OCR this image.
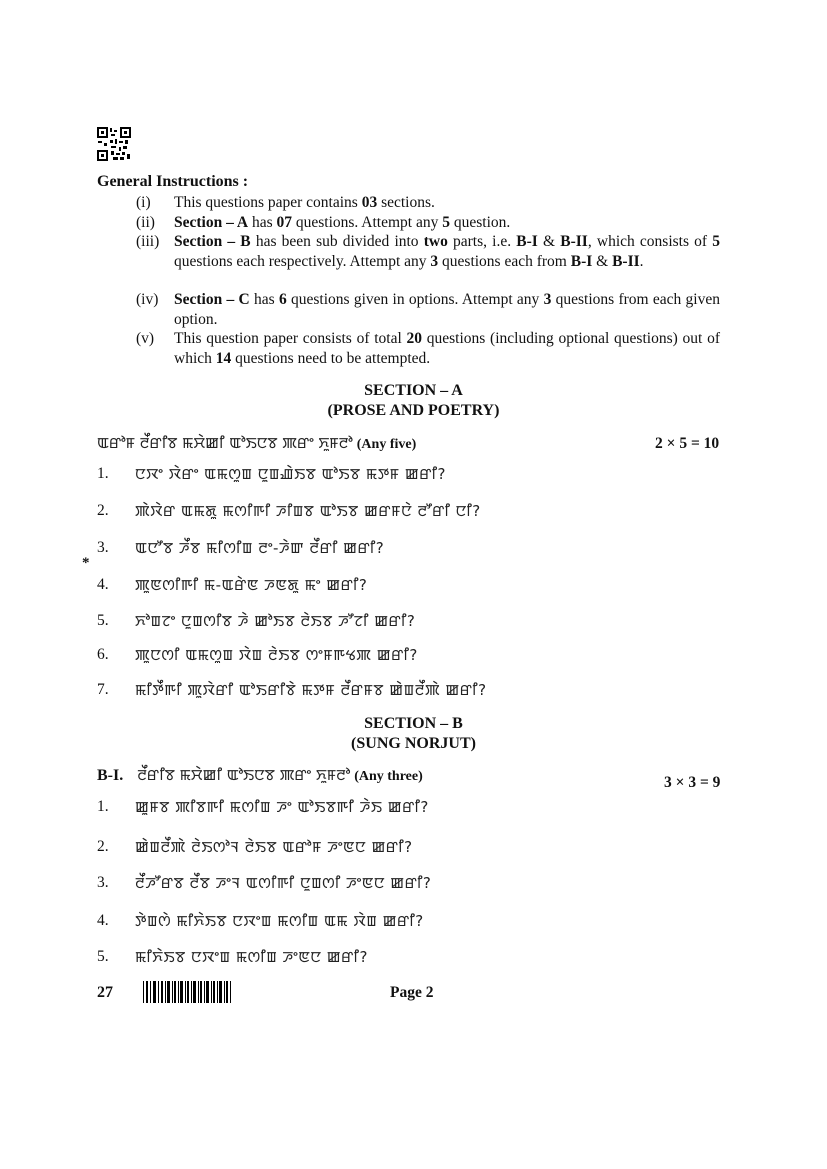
General Instructions :
(i) This questions paper contains 03 sections.
(ii) Section – A has 07 questions. Attempt any 5 question.
(iii) Section – B has been sub divided into two parts, i.e. B-I & B-II, which consists of 5 questions each respectively. Attempt any 3 questions each from B-I & B-II.
(iv) Section – C has 6 questions given in options. Attempt any 3 questions from each given option.
(v) This question paper consists of total 20 questions (including optional questions) out of which 14 questions need to be attempted.
SECTION – A
(PROSE AND POETRY)
ꯑꯔꯣꯝ ꯂꯩꯔꯤꯕ ꯃꯆꯥꯀꯤ ꯑꯣꯏꯅꯕ ꯄꯔꯦ ꯈꯨꯝꯂꯣ (Any five)	2 × 5 = 10
1. ꯅꯋꯦ ꯋꯥꯔꯦ ꯑꯃꯁꯨꯡ ꯅꯨꯡꯉꯥꯏꯕ ꯑꯣꯏꯕ ꯃꯇꯝ ꯀꯔꯤ?
2. ꯄꯥꯋꯥꯔ ꯑꯃꯗꯨ ꯃꯁꯤꯒꯤ ꯍꯤꯡꯕ ꯑꯣꯏꯕ ꯀꯔꯝꯅꯥ ꯂꯧꯔꯤ ꯅꯤ?
3. ꯑꯅꯧꯕ ꯍꯩꯕ ꯃꯤꯁꯤꯡ ꯂꯦ-ꯍꯥꯛ ꯂꯩꯔꯤ ꯀꯔꯤ?
*
4. ꯄꯨꯟꯁꯤꯒꯤ ꯃ-ꯑꯔꯥꯟ ꯍꯟꯗꯨ ꯃꯦ ꯀꯔꯤ?
5. ꯈꯣꯡꯖꯦ ꯅꯨꯡꯁꯤꯕ ꯍꯥ ꯀꯣꯏꯕ ꯂꯥꯏꯕ ꯍꯧꯖꯤ ꯀꯔꯤ?
6. ꯄꯨꯅꯁꯤ ꯑꯃꯁꯨꯡ ꯋꯥꯡ ꯂꯥꯏꯕ ꯁꯦꯝꯒꯠꯄ ꯀꯔꯤ?
7. ꯃꯤꯇꯩꯒꯤ ꯄꯨꯋꯥꯔꯤ ꯑꯣꯏꯔꯤꯕꯥ ꯃꯇꯝ ꯂꯩꯔꯝꯕ ꯀꯥꯡꯂꯩꯄꯥ ꯀꯔꯤ?
SECTION – B
(SUNG NORJUT)
B-I. ꯂꯩꯔꯤꯕ ꯃꯆꯥꯀꯤ ꯑꯣꯏꯅꯕ ꯄꯔꯦ ꯈꯨꯝꯂꯣ (Any three)	3 × 3 = 9
1. ꯀꯨꯝꯕ ꯄꯤꯕꯒꯤ ꯃꯁꯤꯡ ꯍꯦ ꯑꯣꯏꯕꯒꯤ ꯍꯥꯏ ꯀꯔꯤ?
2. ꯀꯥꯡꯂꯩꯄꯥ ꯂꯥꯏꯁꯣꯜ ꯂꯥꯏꯕ ꯑꯔꯣꯝ ꯍꯦꯟꯅ ꯀꯔꯤ?
3. ꯂꯩꯍꯧꯔꯕ ꯂꯩꯕ ꯍꯦꯜ ꯑꯁꯤꯒꯤ ꯅꯨꯡꯁꯤ ꯍꯦꯟꯅ ꯀꯔꯤ?
4. ꯇꯥꯡꯁꯥ ꯃꯤꯈꯥꯏꯕ ꯅꯋꯦꯡ ꯃꯁꯤꯡ ꯑꯃ ꯋꯥꯡ ꯀꯔꯤ?
5. ꯃꯤꯈꯥꯏꯕ ꯅꯋꯦꯡ ꯃꯁꯤꯡ ꯍꯦꯟꯅ ꯀꯔꯤ?
27	Page 2
